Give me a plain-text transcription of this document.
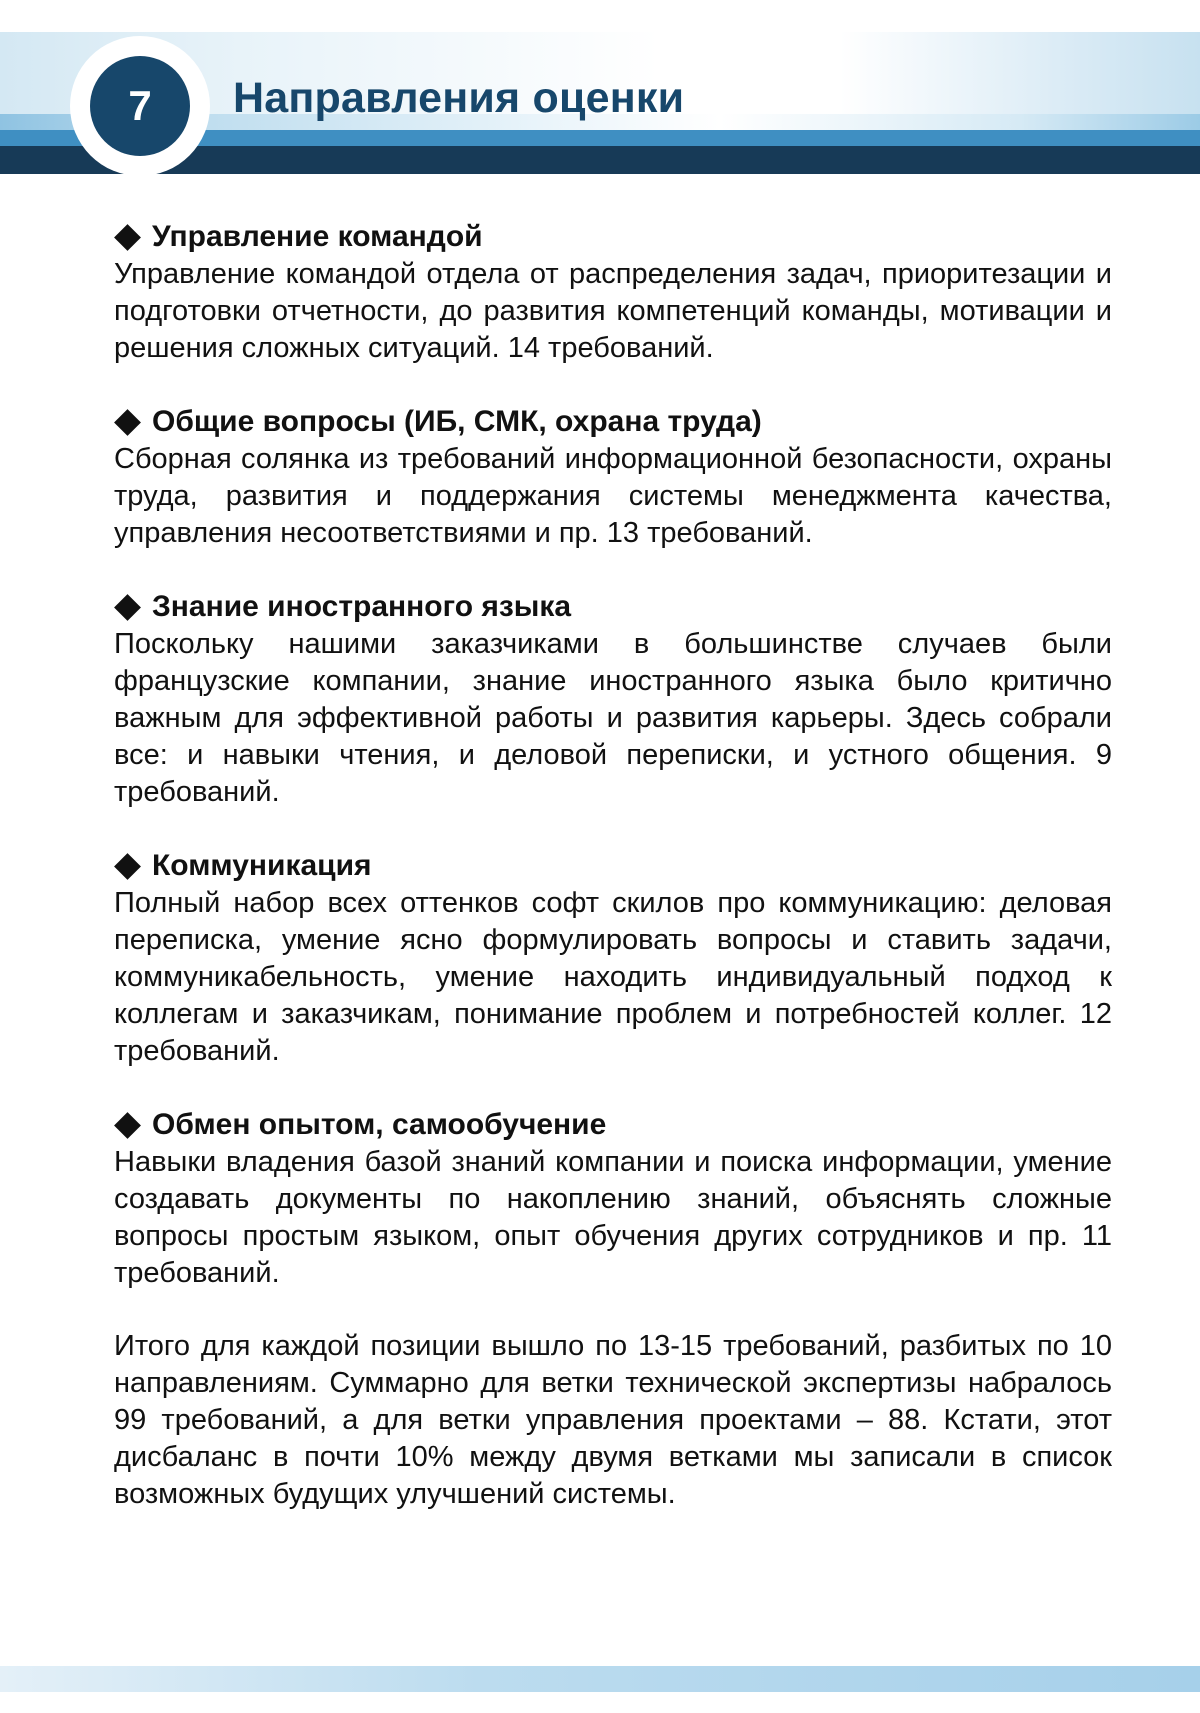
7	Направления оценки
Управление командой

Управление командой отдела от распределения задач, приоритезации и подготовки отчетности, до развития компетенций команды, мотивации и решения сложных ситуаций. 14 требований.

Общие вопросы (ИБ, СМК, охрана труда)

Сборная солянка из требований информационной безопасности, охраны труда, развития и поддержания системы менеджмента качества, управления несоответствиями и пр. 13 требований.

Знание иностранного языка

Поскольку нашими заказчиками в большинстве случаев были французские компании, знание иностранного языка было критично важным для эффективной работы и развития карьеры. Здесь собрали все: и навыки чтения, и деловой переписки, и устного общения. 9 требований.

Коммуникация

Полный набор всех оттенков софт скилов про коммуникацию: деловая переписка, умение ясно формулировать вопросы и ставить задачи, коммуникабельность, умение находить индивидуальный подход к коллегам и заказчикам, понимание проблем и потребностей коллег. 12 требований.

Обмен опытом, самообучение

Навыки владения базой знаний компании и поиска информации, умение создавать документы по накоплению знаний, объяснять сложные вопросы простым языком, опыт обучения других сотрудников и пр. 11 требований.

Итого для каждой позиции вышло по 13-15 требований, разбитых по 10 направлениям. Суммарно для ветки технической экспертизы набралось 99 требований, а для ветки управления проектами – 88. Кстати, этот дисбаланс в почти 10% между двумя ветками мы записали в список возможных будущих улучшений системы.
